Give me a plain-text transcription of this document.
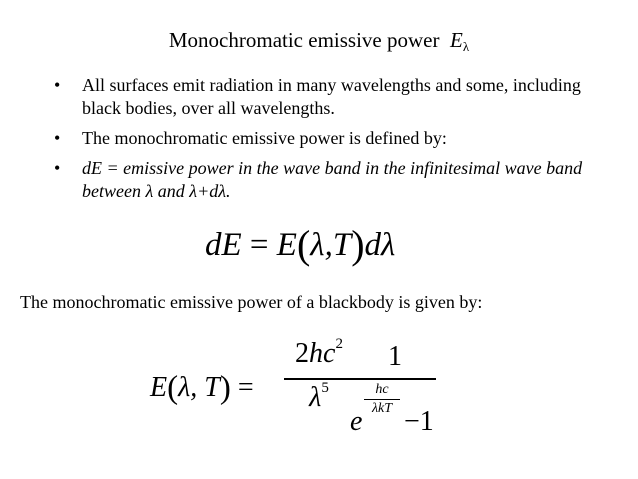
Monochromatic emissive power Eλ
• All surfaces emit radiation in many wavelengths and some, including black bodies, over all wavelengths.
• The monochromatic emissive power is defined by:
• dE = emissive power in the wave band in the infinitesimal wave band between λ and λ+dλ.
dE = E(λ,T)dλ
The monochromatic emissive power of a blackbody is given by:
E(λ, T) =
$2hc^2$
$\lambda^5$
1
e
hc
λkT −1
